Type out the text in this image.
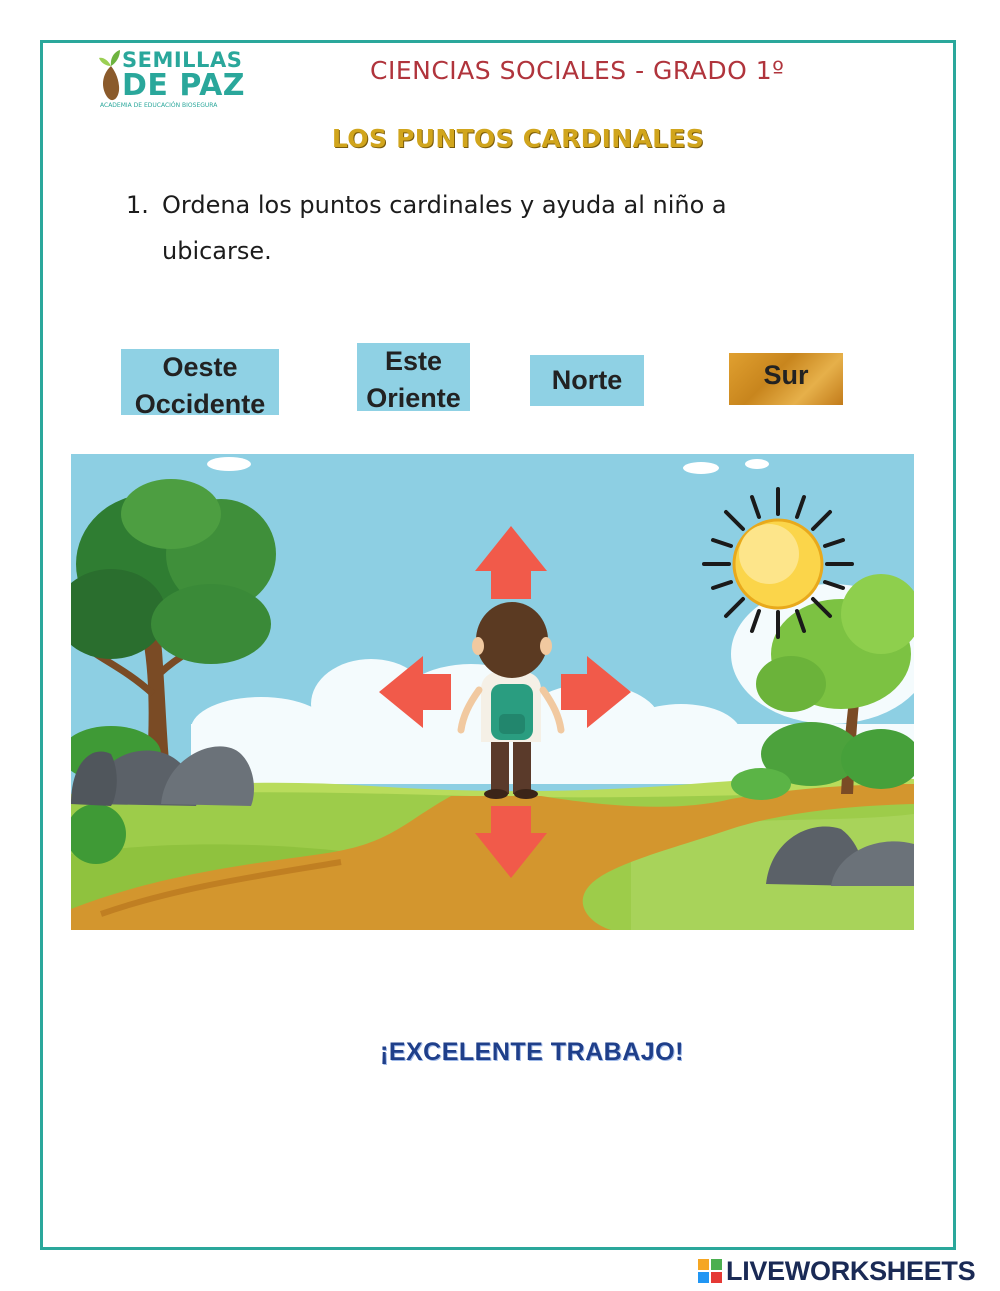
SEMILLAS
DE PAZ
ACADEMIA DE EDUCACIÓN BIOSEGURA
CIENCIAS SOCIALES - GRADO 1º
LOS PUNTOS CARDINALES
1. Ordena los puntos cardinales y ayuda al niño a ubicarse.
Oeste
Occidente
Este
Oriente
Norte	Sur
¡EXCELENTE TRABAJO!
LIVEWORKSHEETS
